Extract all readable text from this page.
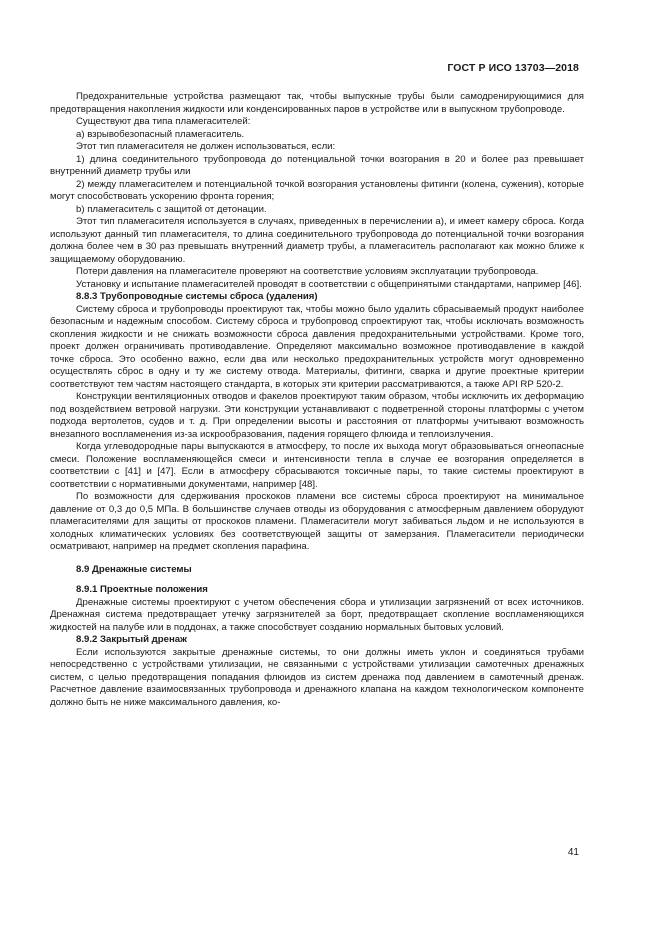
ГОСТ Р ИСО 13703—2018

Предохранительные устройства размещают так, чтобы выпускные трубы были самодренирующимися для предотвращения накопления жидкости или конденсированных паров в устройстве или в выпускном трубопроводе.

Существуют два типа пламегасителей:

a) взрывобезопасный пламегаситель.

Этот тип пламегасителя не должен использоваться, если:

1) длина соединительного трубопровода до потенциальной точки возгорания в 20 и более раз превышает внутренний диаметр трубы или

2) между пламегасителем и потенциальной точкой возгорания установлены фитинги (колена, сужения), которые могут способствовать ускорению фронта горения;

b) пламегаситель с защитой от детонации.

Этот тип пламегасителя используется в случаях, приведенных в перечислении а), и имеет камеру сброса. Когда используют данный тип пламегасителя, то длина соединительного трубопровода до потенциальной точки возгорания должна более чем в 30 раз превышать внутренний диаметр трубы, а пламегаситель располагают как можно ближе к защищаемому оборудованию.

Потери давления на пламегасителе проверяют на соответствие условиям эксплуатации трубопровода.

Установку и испытание пламегасителей проводят в соответствии с общепринятыми стандартами, например [46].

8.8.3 Трубопроводные системы сброса (удаления)

Систему сброса и трубопроводы проектируют так, чтобы можно было удалить сбрасываемый продукт наиболее безопасным и надежным способом. Систему сброса и трубопровод спроектируют так, чтобы исключать возможность скопления жидкости и не снижать возможности сброса давления предохранительными устройствами. Кроме того, проект должен ограничивать противодавление. Определяют максимально возможное противодавление в каждой точке сброса. Это особенно важно, если два или несколько предохранительных устройств могут одновременно осуществлять сброс в одну и ту же систему отвода. Материалы, фитинги, сварка и другие проектные критерии соответствуют тем частям настоящего стандарта, в которых эти критерии рассматриваются, а также API RP 520-2.

Конструкции вентиляционных отводов и факелов проектируют таким образом, чтобы исключить их деформацию под воздействием ветровой нагрузки. Эти конструкции устанавливают с подветренной стороны платформы с учетом подхода вертолетов, судов и т. д. При определении высоты и расстояния от платформы учитывают возможность внезапного воспламенения из-за искрообразования, падения горящего флюида и теплоизлучения.

Когда углеводородные пары выпускаются в атмосферу, то после их выхода могут образовываться огнеопасные смеси. Положение воспламеняющейся смеси и интенсивности тепла в случае ее возгорания определяется в соответствии с [41] и [47]. Если в атмосферу сбрасываются токсичные пары, то такие системы проектируют в соответствии с нормативными документами, например [48].

По возможности для сдерживания проскоков пламени все системы сброса проектируют на минимальное давление от 0,3 до 0,5 МПа. В большинстве случаев отводы из оборудования с атмосферным давлением оборудуют пламегасителями для защиты от проскоков пламени. Пламегасители могут забиваться льдом и не используются в холодных климатических условиях без соответствующей защиты от замерзания. Пламегасители периодически осматривают, например на предмет скопления парафина.

8.9 Дренажные системы

8.9.1 Проектные положения

Дренажные системы проектируют с учетом обеспечения сбора и утилизации загрязнений от всех источников. Дренажная система предотвращает утечку загрязнителей за борт, предотвращает скопление воспламеняющихся жидкостей на палубе или в поддонах, а также способствует созданию нормальных бытовых условий.

8.9.2 Закрытый дренаж

Если используются закрытые дренажные системы, то они должны иметь уклон и соединяться трубами непосредственно с устройствами утилизации, не связанными с устройствами утилизации самотечных дренажных систем, с целью предотвращения попадания флюидов из систем дренажа под давлением в самотечный дренаж. Расчетное давление взаимосвязанных трубопровода и дренажного клапана на каждом технологическом компоненте должно быть не ниже максимального давления, ко-

41
